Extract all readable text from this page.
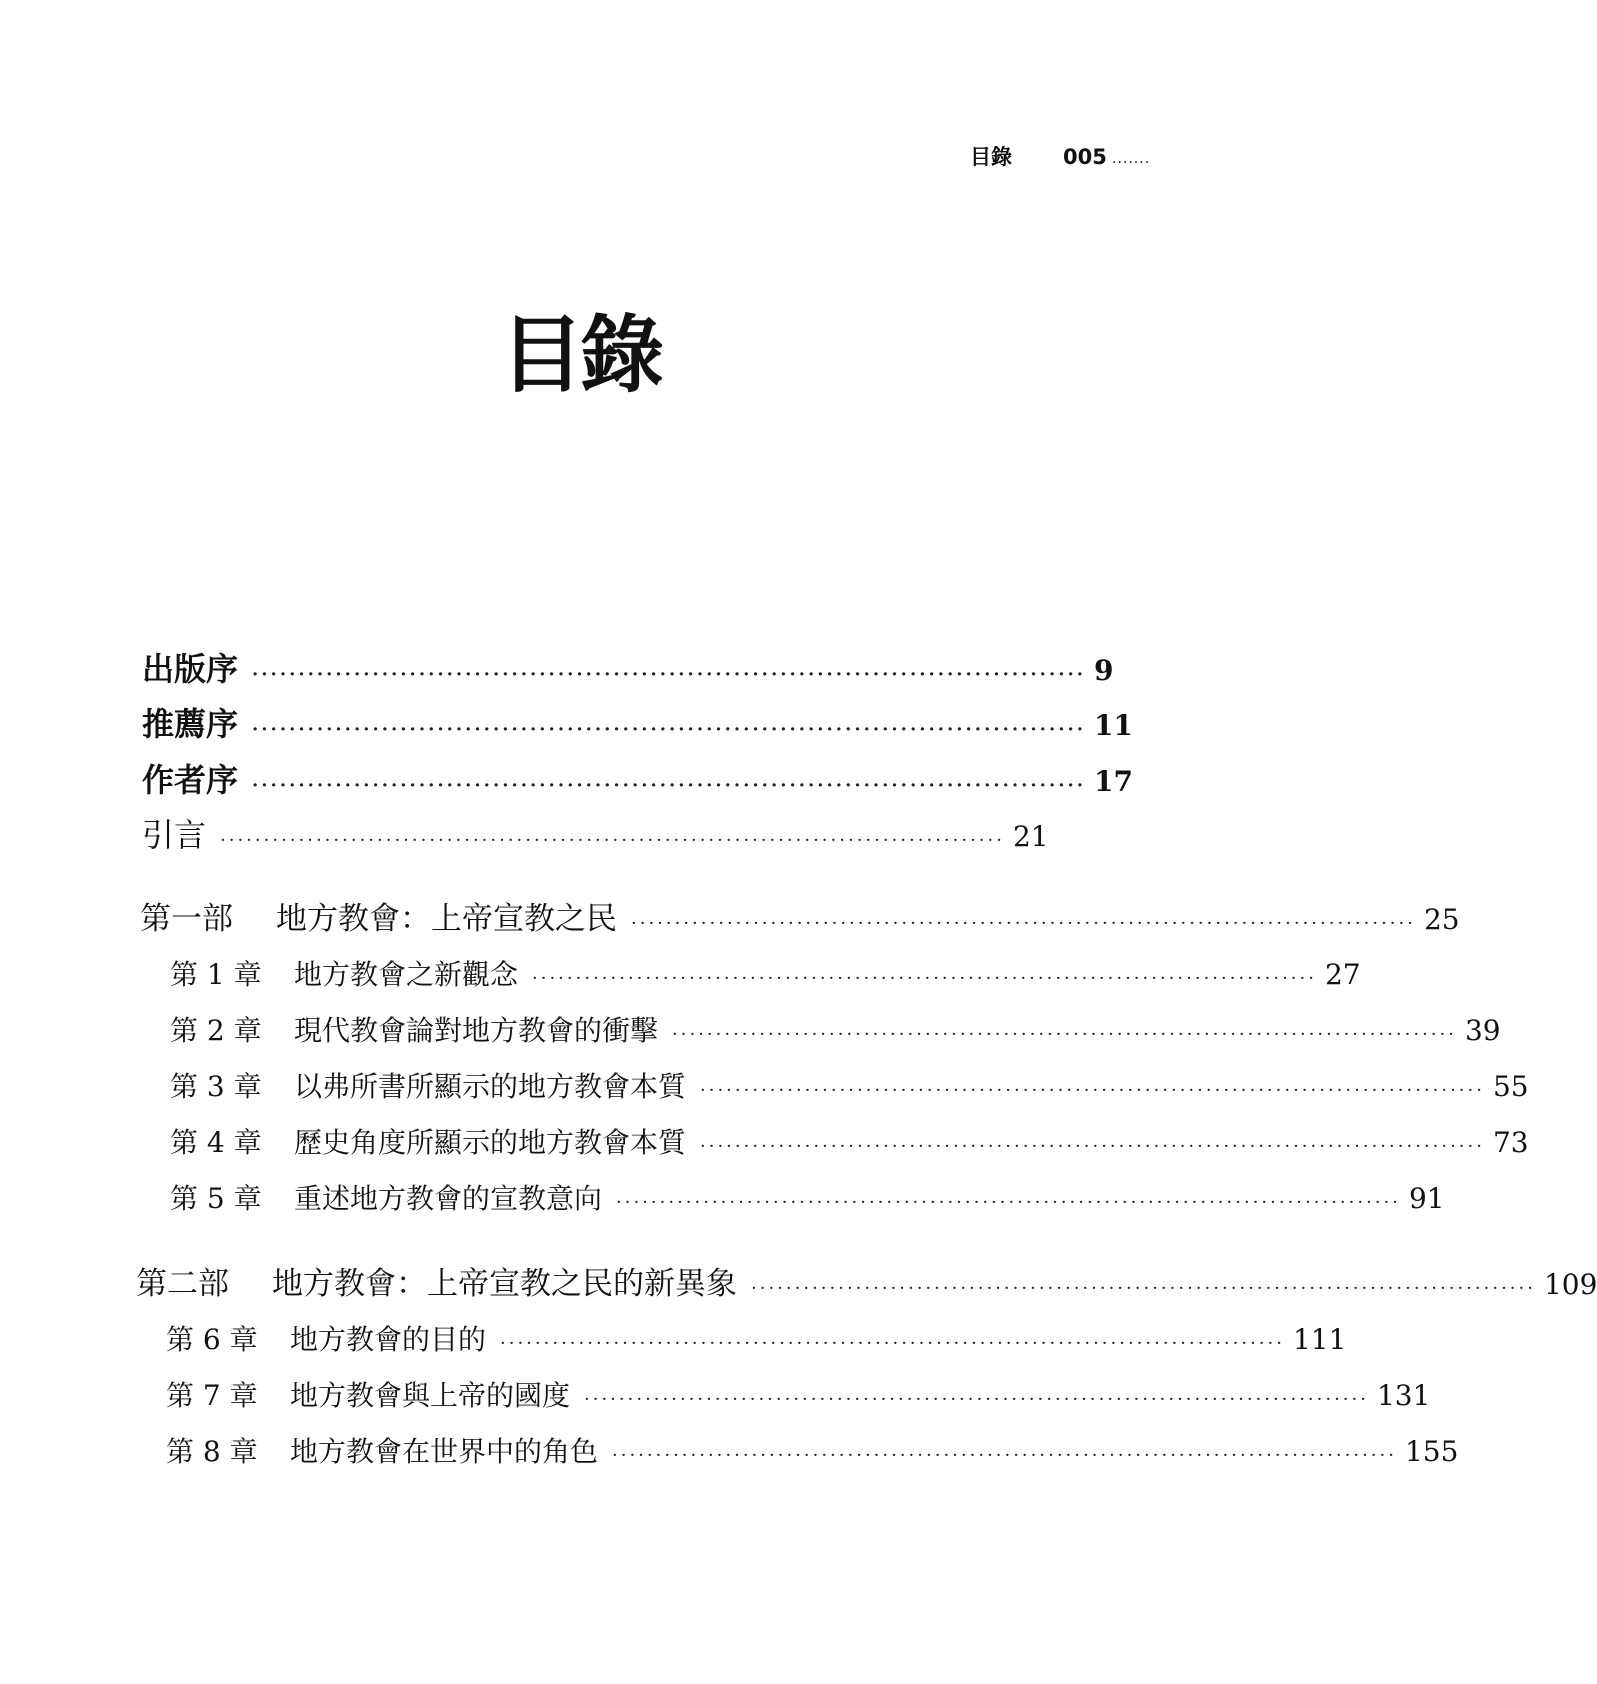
目錄 005 .......
目錄
出版序 ·························································································· 9
推薦序 ·························································································· 11
作者序 ·························································································· 17
引言 ·························································································· 21
第一部 地方教會：上帝宣教之民 ·························································································· 25
第 1 章 地方教會之新觀念 ·························································································· 27
第 2 章 現代教會論對地方教會的衝擊 ·························································································· 39
第 3 章 以弗所書所顯示的地方教會本質 ·························································································· 55
第 4 章 歷史角度所顯示的地方教會本質 ·························································································· 73
第 5 章 重述地方教會的宣教意向 ·························································································· 91
第二部 地方教會：上帝宣教之民的新異象 ·························································································· 109
第 6 章 地方教會的目的 ·························································································· 111
第 7 章 地方教會與上帝的國度 ·························································································· 131
第 8 章 地方教會在世界中的角色 ·························································································· 155
